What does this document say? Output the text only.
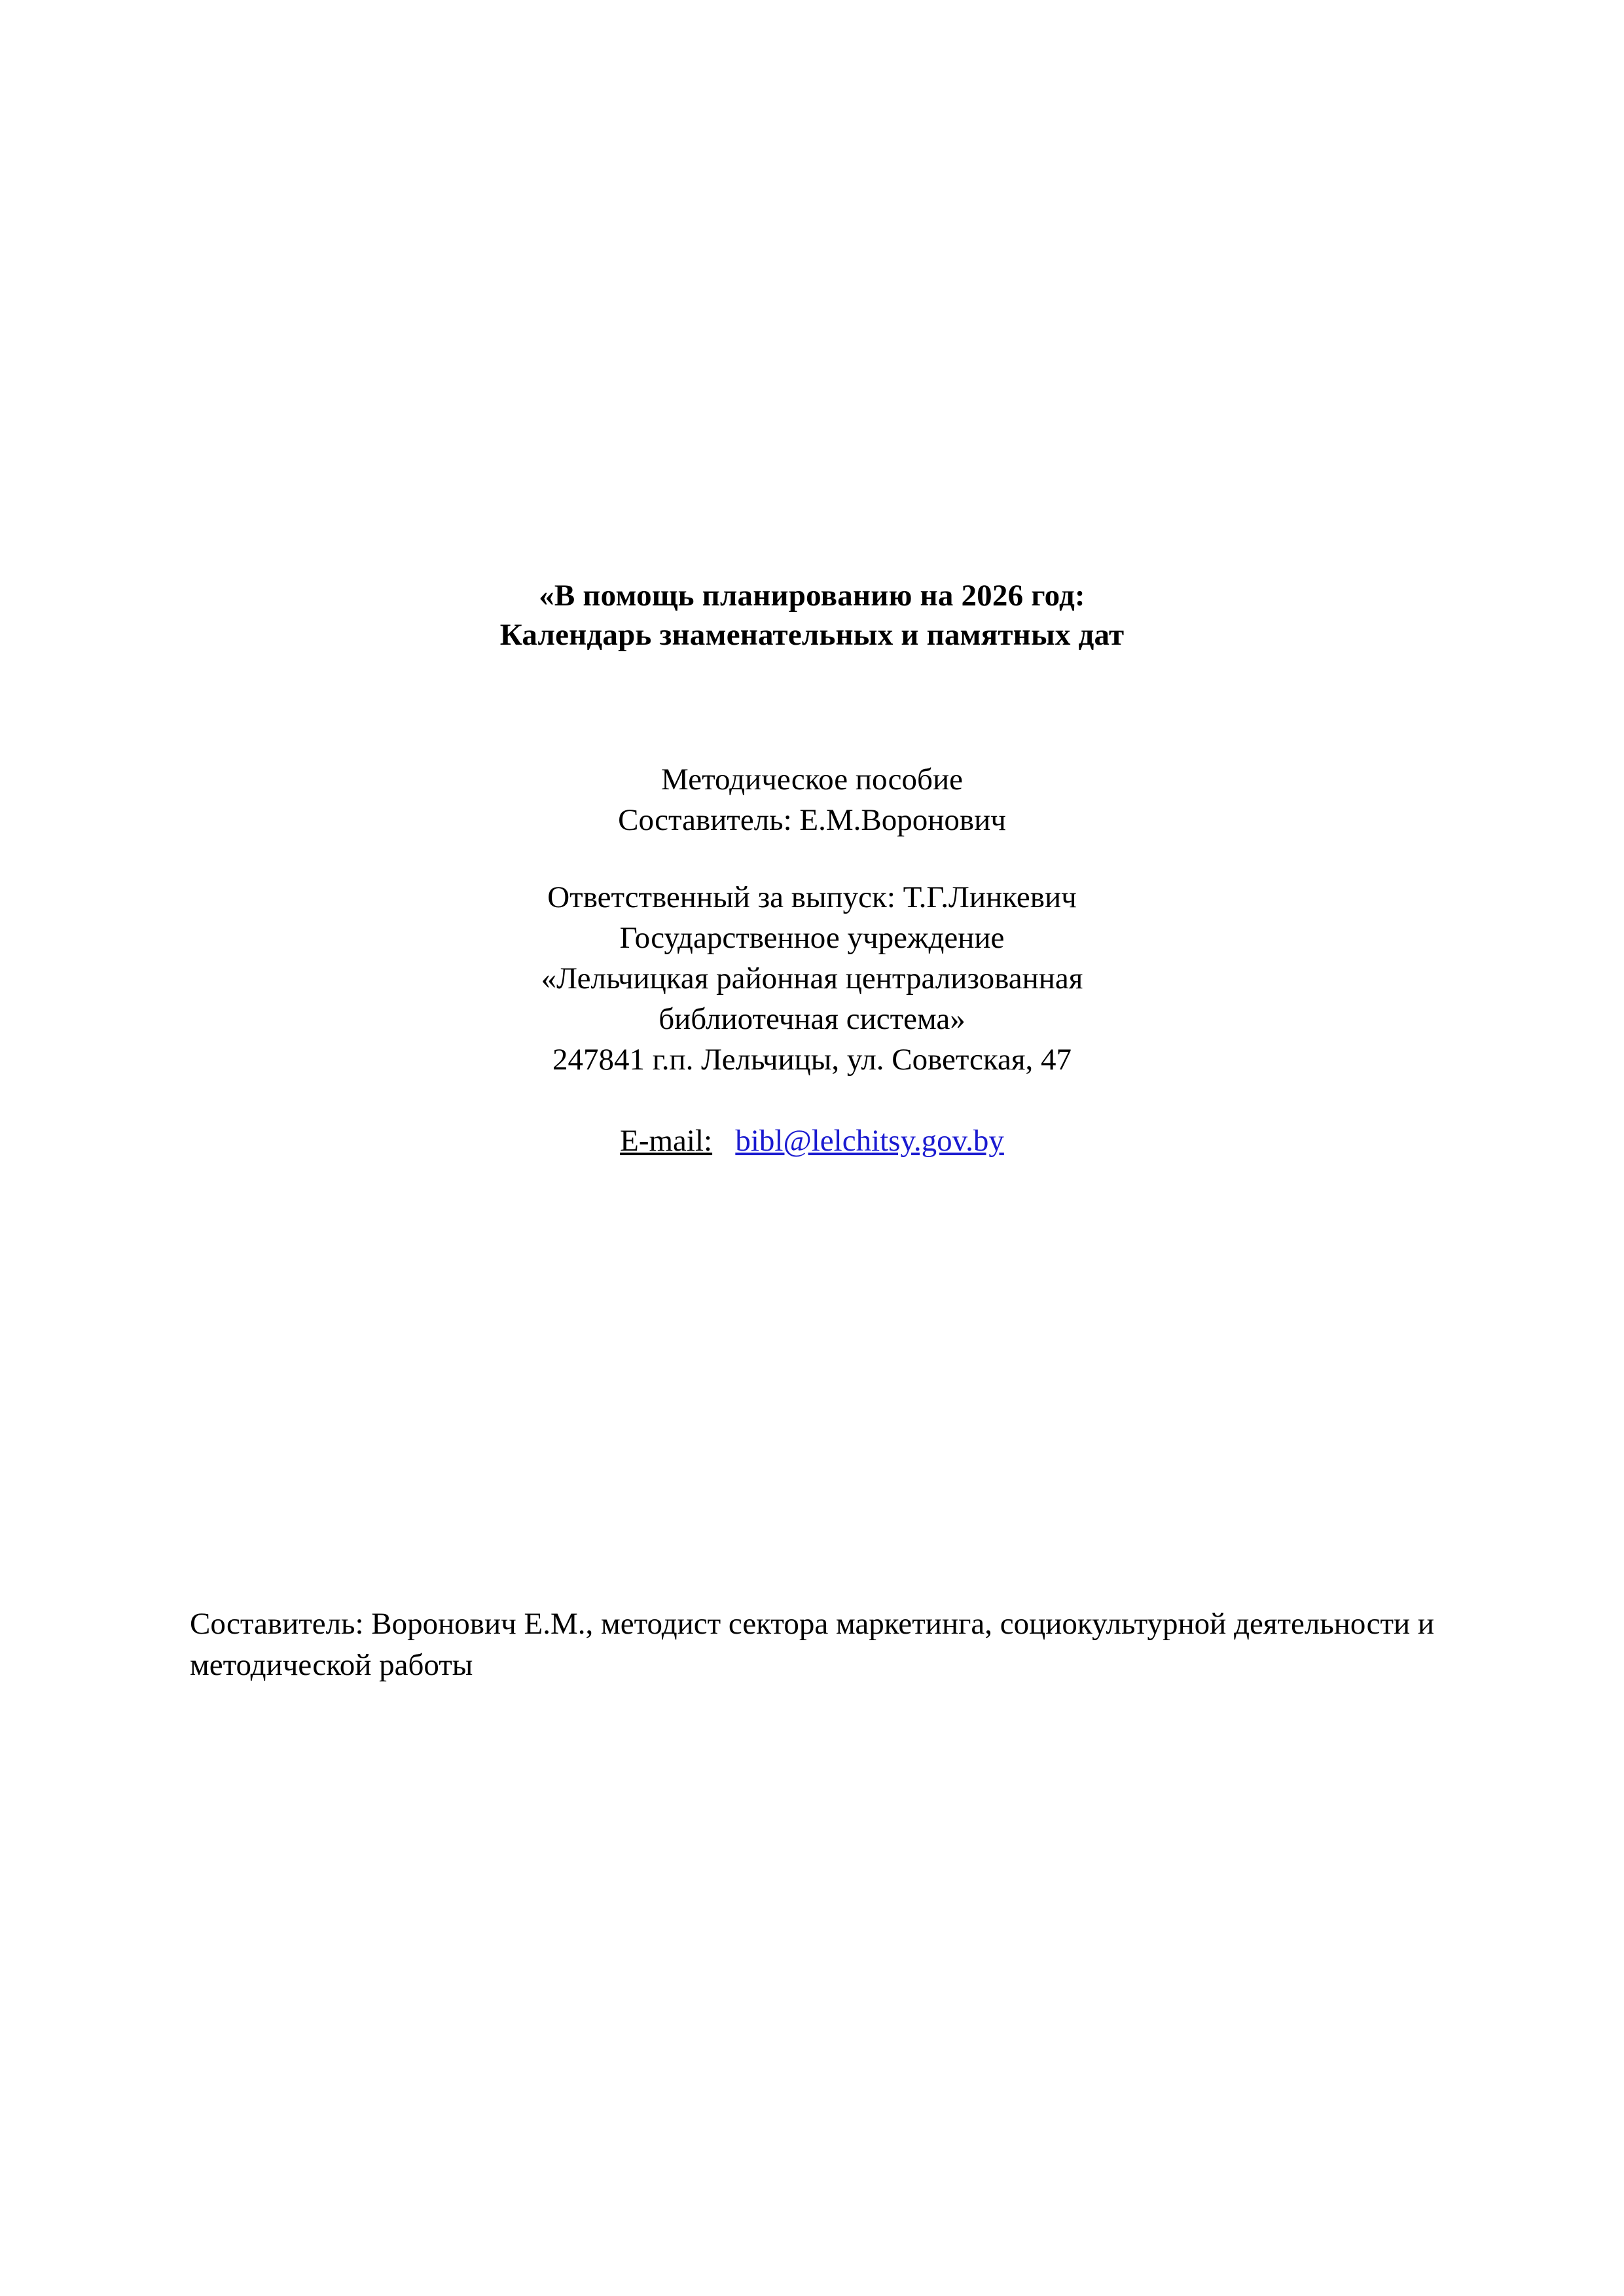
«В помощь планированию на 2026 год:
Календарь знаменательных и памятных дат
Методическое пособие
Составитель: Е.М.Воронович
Ответственный за выпуск: Т.Г.Линкевич
Государственное учреждение
«Лельчицкая районная централизованная
библиотечная система»
247841 г.п. Лельчицы, ул. Советская, 47
E-mail: bibl@lelchitsy.gov.by
Составитель: Воронович Е.М., методист сектора маркетинга, социокультурной деятельности и методической работы
